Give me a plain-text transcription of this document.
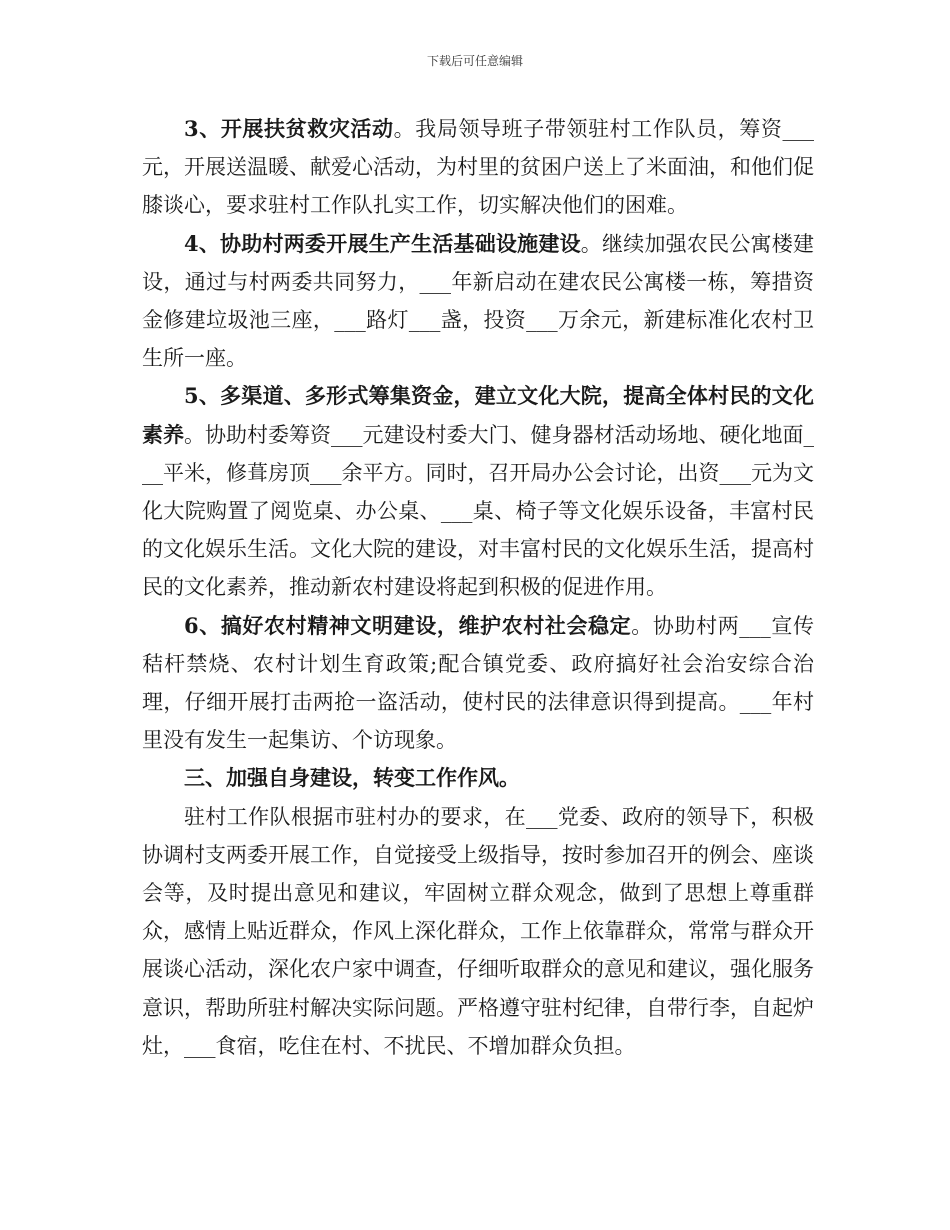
下载后可任意编辑

3、开展扶贫救灾活动。我局领导班子带领驻村工作队员，筹资___元，开展送温暖、献爱心活动，为村里的贫困户送上了米面油，和他们促膝谈心，要求驻村工作队扎实工作，切实解决他们的困难。

4、协助村两委开展生产生活基础设施建设。继续加强农民公寓楼建设，通过与村两委共同努力，___年新启动在建农民公寓楼一栋，筹措资金修建垃圾池三座，___路灯___盏，投资___万余元，新建标准化农村卫生所一座。

5、多渠道、多形式筹集资金，建立文化大院，提高全体村民的文化素养。协助村委筹资___元建设村委大门、健身器材活动场地、硬化地面___平米，修葺房顶___余平方。同时，召开局办公会讨论，出资___元为文化大院购置了阅览桌、办公桌、___桌、椅子等文化娱乐设备，丰富村民的文化娱乐生活。文化大院的建设，对丰富村民的文化娱乐生活，提高村民的文化素养，推动新农村建设将起到积极的促进作用。

6、搞好农村精神文明建设，维护农村社会稳定。协助村两___宣传秸杆禁烧、农村计划生育政策;配合镇党委、政府搞好社会治安综合治理，仔细开展打击两抢一盗活动，使村民的法律意识得到提高。___年村里没有发生一起集访、个访现象。

三、加强自身建设，转变工作作风。

驻村工作队根据市驻村办的要求，在___党委、政府的领导下，积极协调村支两委开展工作，自觉接受上级指导，按时参加召开的例会、座谈会等，及时提出意见和建议，牢固树立群众观念，做到了思想上尊重群众，感情上贴近群众，作风上深化群众，工作上依靠群众，常常与群众开展谈心活动，深化农户家中调查，仔细听取群众的意见和建议，强化服务意识，帮助所驻村解决实际问题。严格遵守驻村纪律，自带行李，自起炉灶，___食宿，吃住在村、不扰民、不增加群众负担。
